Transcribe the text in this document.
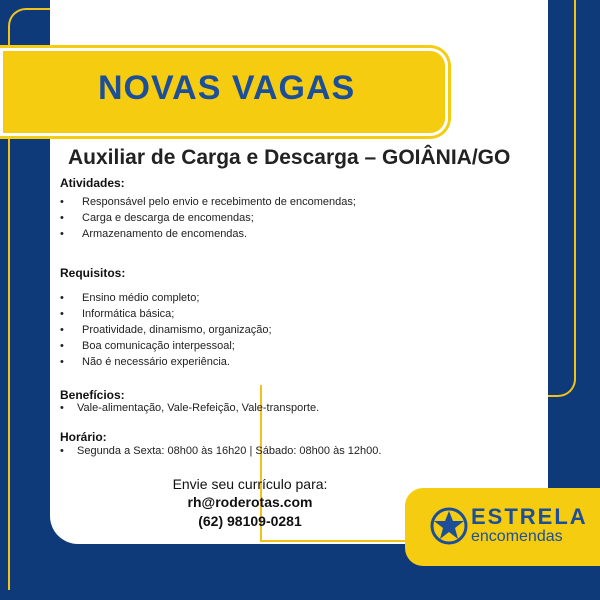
NOVAS VAGAS
Auxiliar de Carga e Descarga – GOIÂNIA/GO
Atividades:
• Responsável pelo envio e recebimento de encomendas;
• Carga e descarga de encomendas;
• Armazenamento de encomendas.
Requisitos:
• Ensino médio completo;
• Informática básica;
• Proatividade, dinamismo, organização;
• Boa comunicação interpessoal;
• Não é necessário experiência.
Benefícios:
• Vale-alimentação, Vale-Refeição, Vale-transporte.
Horário:
• Segunda a Sexta: 08h00 às 16h20 | Sábado: 08h00 às 12h00.
Envie seu currículo para:
rh@roderotas.com
(62) 98109-0281	ESTRELA
encomendas
